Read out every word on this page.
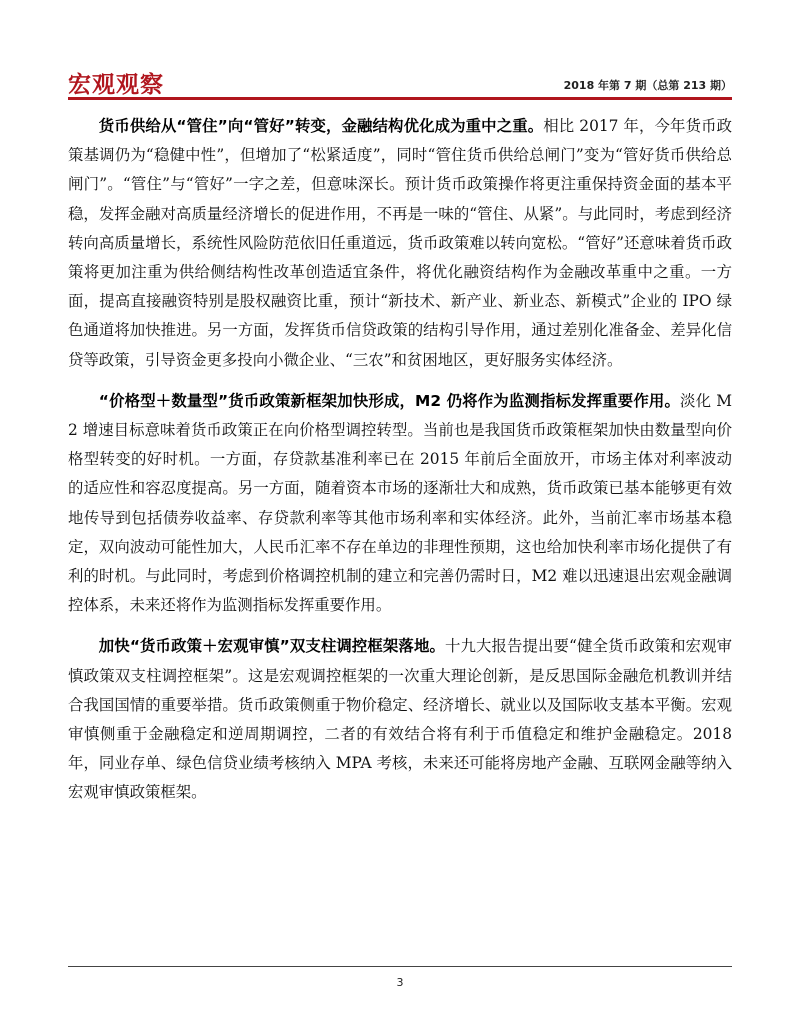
宏观观察	2018 年第 7 期（总第 213 期）

货币供给从“管住”向“管好”转变，金融结构优化成为重中之重。相比 2017 年，今年货币政策基调仍为“稳健中性”，但增加了“松紧适度”，同时“管住货币供给总闸门”变为“管好货币供给总闸门”。“管住”与“管好”一字之差，但意味深长。预计货币政策操作将更注重保持资金面的基本平稳，发挥金融对高质量经济增长的促进作用，不再是一味的“管住、从紧”。与此同时，考虑到经济转向高质量增长，系统性风险防范依旧任重道远，货币政策难以转向宽松。“管好”还意味着货币政策将更加注重为供给侧结构性改革创造适宜条件，将优化融资结构作为金融改革重中之重。一方面，提高直接融资特别是股权融资比重，预计“新技术、新产业、新业态、新模式”企业的 IPO 绿色通道将加快推进。另一方面，发挥货币信贷政策的结构引导作用，通过差别化准备金、差异化信贷等政策，引导资金更多投向小微企业、“三农”和贫困地区，更好服务实体经济。

“价格型＋数量型”货币政策新框架加快形成，M2 仍将作为监测指标发挥重要作用。淡化 M2 增速目标意味着货币政策正在向价格型调控转型。当前也是我国货币政策框架加快由数量型向价格型转变的好时机。一方面，存贷款基准利率已在 2015 年前后全面放开，市场主体对利率波动的适应性和容忍度提高。另一方面，随着资本市场的逐渐壮大和成熟，货币政策已基本能够更有效地传导到包括债券收益率、存贷款利率等其他市场利率和实体经济。此外，当前汇率市场基本稳定，双向波动可能性加大，人民币汇率不存在单边的非理性预期，这也给加快利率市场化提供了有利的时机。与此同时，考虑到价格调控机制的建立和完善仍需时日，M2 难以迅速退出宏观金融调控体系，未来还将作为监测指标发挥重要作用。

加快“货币政策＋宏观审慎”双支柱调控框架落地。十九大报告提出要“健全货币政策和宏观审慎政策双支柱调控框架”。这是宏观调控框架的一次重大理论创新，是反思国际金融危机教训并结合我国国情的重要举措。货币政策侧重于物价稳定、经济增长、就业以及国际收支基本平衡。宏观审慎侧重于金融稳定和逆周期调控，二者的有效结合将有利于币值稳定和维护金融稳定。2018 年，同业存单、绿色信贷业绩考核纳入 MPA 考核，未来还可能将房地产金融、互联网金融等纳入宏观审慎政策框架。

3
